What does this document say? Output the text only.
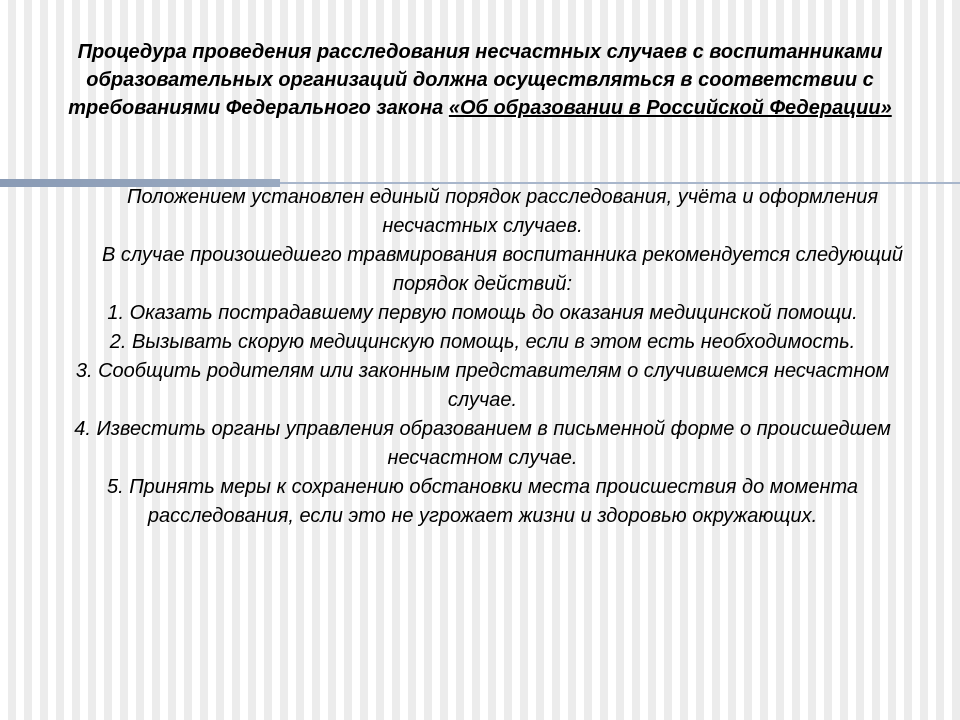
Процедура проведения расследования несчастных случаев с воспитанниками образовательных организаций должна осуществляться в соответствии с требованиями Федерального закона «Об образовании в Российской Федерации»

Положением установлен единый порядок расследования, учёта и оформления несчастных случаев.

В случае произошедшего травмирования воспитанника рекомендуется следующий порядок действий:

1. Оказать пострадавшему первую помощь до оказания медицинской помощи.

2. Вызывать скорую медицинскую помощь, если в этом есть необходимость.

3. Сообщить родителям или законным представителям о случившемся несчастном случае.

4. Известить органы управления образованием в письменной форме о происшедшем несчастном случае.

5. Принять меры к сохранению обстановки места происшествия до момента расследования, если это не угрожает жизни и здоровью окружающих.
